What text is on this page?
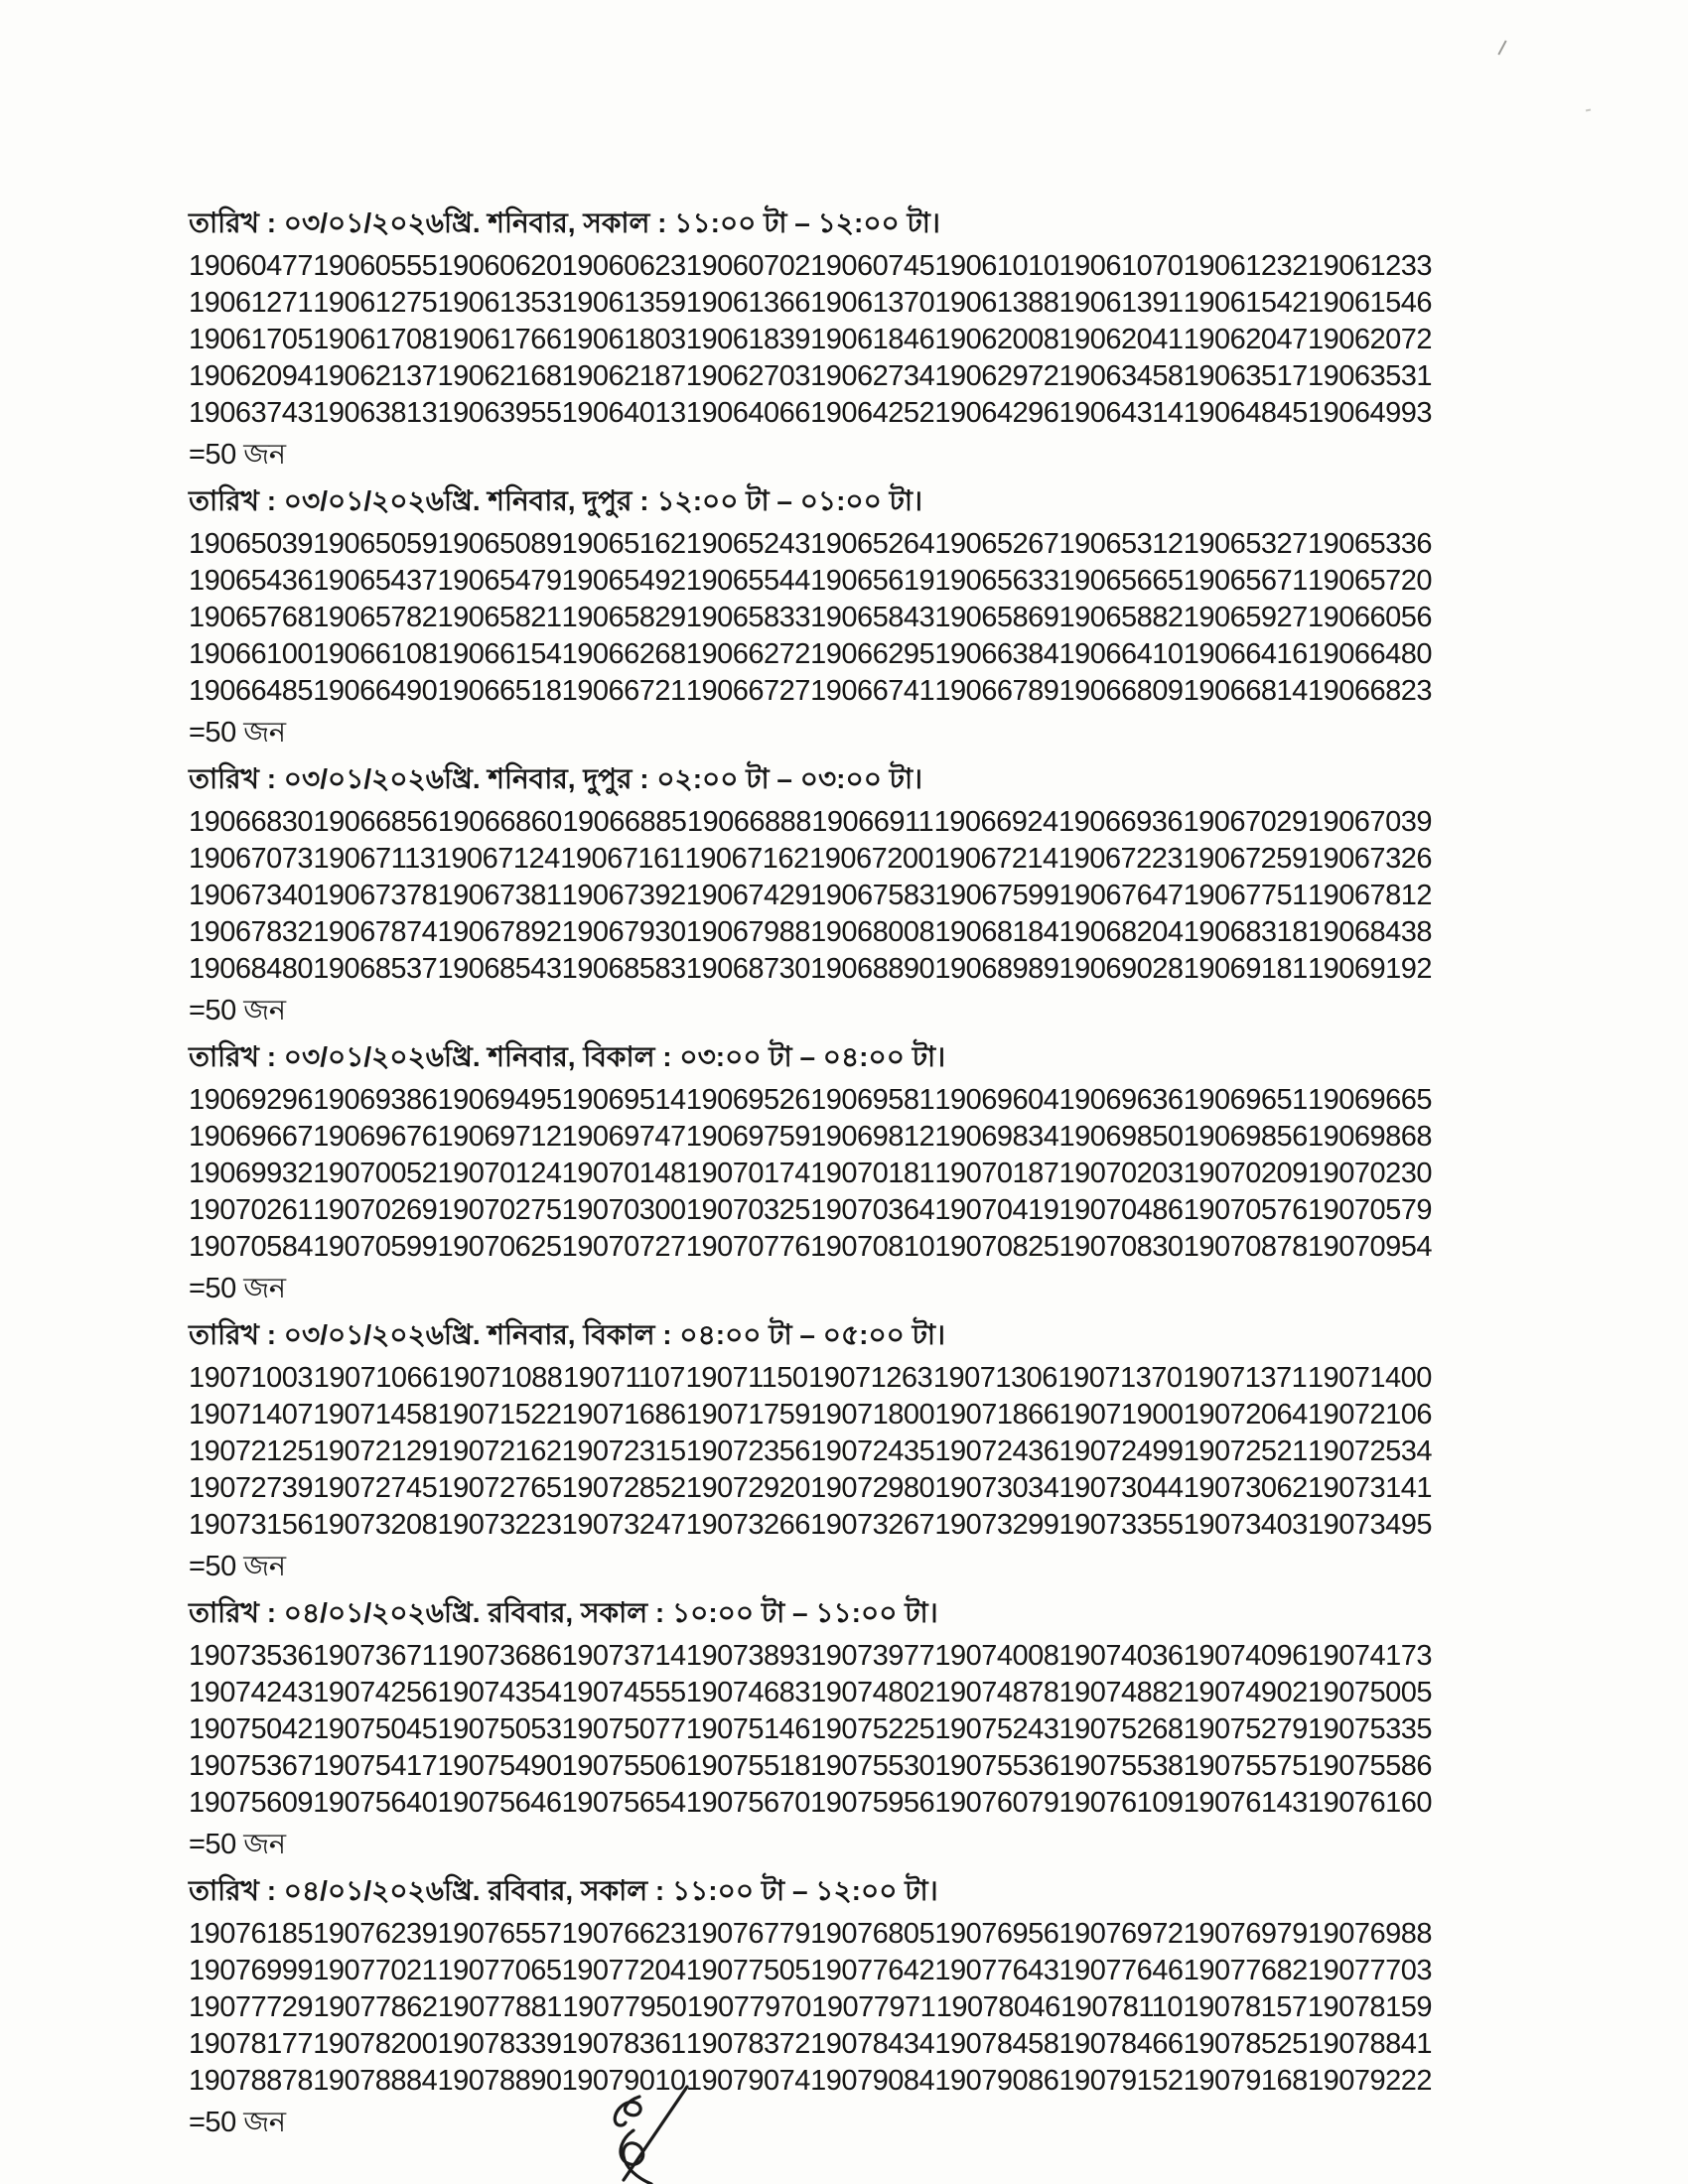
তারিখ : ০৩/০১/২০২৬খ্রি. শনিবার, সকাল : ১১:০০ টা – ১২:০০ টা।
19060477 19060555 19060620 19060623 19060702 19060745 19061010 19061070 19061232 19061233
19061271 19061275 19061353 19061359 19061366 19061370 19061388 19061391 19061542 19061546
19061705 19061708 19061766 19061803 19061839 19061846 19062008 19062041 19062047 19062072
19062094 19062137 19062168 19062187 19062703 19062734 19062972 19063458 19063517 19063531
19063743 19063813 19063955 19064013 19064066 19064252 19064296 19064314 19064845 19064993
=50 জন
তারিখ : ০৩/০১/২০২৬খ্রি. শনিবার, দুপুর : ১২:০০ টা – ০১:০০ টা।
19065039 19065059 19065089 19065162 19065243 19065264 19065267 19065312 19065327 19065336
19065436 19065437 19065479 19065492 19065544 19065619 19065633 19065665 19065671 19065720
19065768 19065782 19065821 19065829 19065833 19065843 19065869 19065882 19065927 19066056
19066100 19066108 19066154 19066268 19066272 19066295 19066384 19066410 19066416 19066480
19066485 19066490 19066518 19066721 19066727 19066741 19066789 19066809 19066814 19066823
=50 জন
তারিখ : ০৩/০১/২০২৬খ্রি. শনিবার, দুপুর : ০২:০০ টা – ০৩:০০ টা।
19066830 19066856 19066860 19066885 19066888 19066911 19066924 19066936 19067029 19067039
19067073 19067113 19067124 19067161 19067162 19067200 19067214 19067223 19067259 19067326
19067340 19067378 19067381 19067392 19067429 19067583 19067599 19067647 19067751 19067812
19067832 19067874 19067892 19067930 19067988 19068008 19068184 19068204 19068318 19068438
19068480 19068537 19068543 19068583 19068730 19068890 19068989 19069028 19069181 19069192
=50 জন
তারিখ : ০৩/০১/২০২৬খ্রি. শনিবার, বিকাল : ০৩:০০ টা – ০৪:০০ টা।
19069296 19069386 19069495 19069514 19069526 19069581 19069604 19069636 19069651 19069665
19069667 19069676 19069712 19069747 19069759 19069812 19069834 19069850 19069856 19069868
19069932 19070052 19070124 19070148 19070174 19070181 19070187 19070203 19070209 19070230
19070261 19070269 19070275 19070300 19070325 19070364 19070419 19070486 19070576 19070579
19070584 19070599 19070625 19070727 19070776 19070810 19070825 19070830 19070878 19070954
=50 জন
তারিখ : ০৩/০১/২০২৬খ্রি. শনিবার, বিকাল : ০৪:০০ টা – ০৫:০০ টা।
19071003 19071066 19071088 19071107 19071150 19071263 19071306 19071370 19071371 19071400
19071407 19071458 19071522 19071686 19071759 19071800 19071866 19071900 19072064 19072106
19072125 19072129 19072162 19072315 19072356 19072435 19072436 19072499 19072521 19072534
19072739 19072745 19072765 19072852 19072920 19072980 19073034 19073044 19073062 19073141
19073156 19073208 19073223 19073247 19073266 19073267 19073299 19073355 19073403 19073495
=50 জন
তারিখ : ০৪/০১/২০২৬খ্রি. রবিবার, সকাল : ১০:০০ টা – ১১:০০ টা।
19073536 19073671 19073686 19073714 19073893 19073977 19074008 19074036 19074096 19074173
19074243 19074256 19074354 19074555 19074683 19074802 19074878 19074882 19074902 19075005
19075042 19075045 19075053 19075077 19075146 19075225 19075243 19075268 19075279 19075335
19075367 19075417 19075490 19075506 19075518 19075530 19075536 19075538 19075575 19075586
19075609 19075640 19075646 19075654 19075670 19075956 19076079 19076109 19076143 19076160
=50 জন
তারিখ : ০৪/০১/২০২৬খ্রি. রবিবার, সকাল : ১১:০০ টা – ১২:০০ টা।
19076185 19076239 19076557 19076623 19076779 19076805 19076956 19076972 19076979 19076988
19076999 19077021 19077065 19077204 19077505 19077642 19077643 19077646 19077682 19077703
19077729 19077862 19077881 19077950 19077970 19077971 19078046 19078110 19078157 19078159
19078177 19078200 19078339 19078361 19078372 19078434 19078458 19078466 19078525 19078841
19078878 19078884 19078890 19079010 19079074 19079084 19079086 19079152 19079168 19079222
=50 জন
